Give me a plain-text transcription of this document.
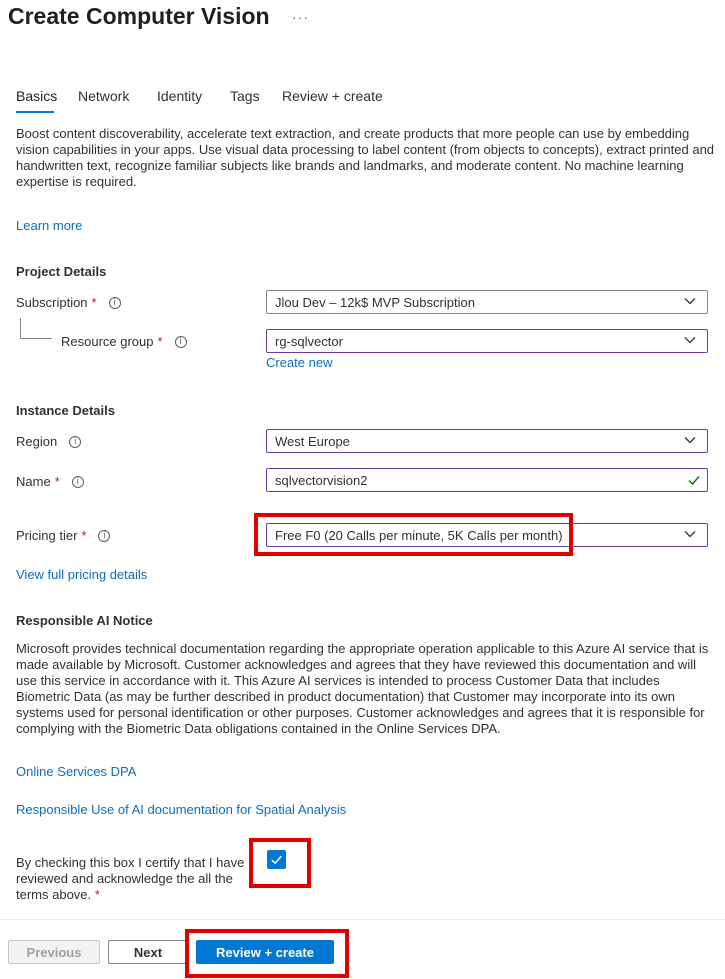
Create Computer Vision ···
Basics Network Identity Tags Review + create
Boost content discoverability, accelerate text extraction, and create products that more people can use by embedding vision capabilities in your apps. Use visual data processing to label content (from objects to concepts), extract printed and handwritten text, recognize familiar subjects like brands and landmarks, and moderate content. No machine learning expertise is required.
Learn more
Project Details
Subscription *	i	Jlou Dev – 12k$ MVP Subscription
Resource group *	i	rg-sqlvector
Create new
Instance Details
Region	i	West Europe
Name *	i	sqlvectorvision2
Pricing tier *	i	Free F0 (20 Calls per minute, 5K Calls per month)
View full pricing details
Responsible AI Notice
Microsoft provides technical documentation regarding the appropriate operation applicable to this Azure AI service that is made available by Microsoft. Customer acknowledges and agrees that they have reviewed this documentation and will use this service in accordance with it. This Azure AI services is intended to process Customer Data that includes Biometric Data (as may be further described in product documentation) that Customer may incorporate into its own systems used for personal identification or other purposes. Customer acknowledges and agrees that it is responsible for complying with the Biometric Data obligations contained in the Online Services DPA.
Online Services DPA
Responsible Use of AI documentation for Spatial Analysis
By checking this box I certify that I have reviewed and acknowledge the all the terms above. *
Previous	Next	Review + create
